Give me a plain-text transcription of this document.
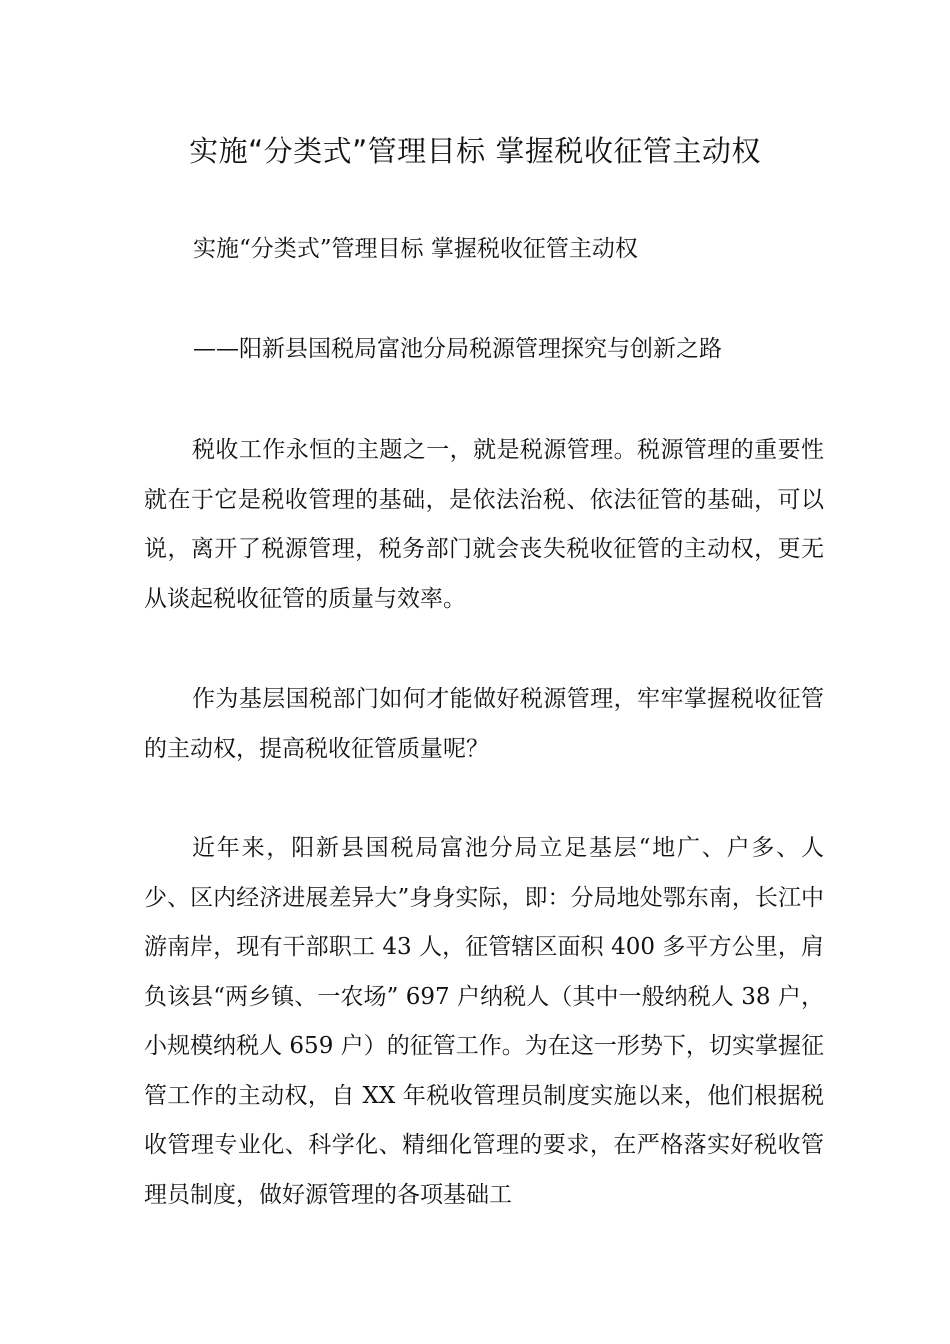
实施“分类式”管理目标 掌握税收征管主动权

实施“分类式”管理目标 掌握税收征管主动权

——阳新县国税局富池分局税源管理探究与创新之路

税收工作永恒的主题之一，就是税源管理。税源管理的重要性就在于它是税收管理的基础，是依法治税、依法征管的基础，可以说，离开了税源管理，税务部门就会丧失税收征管的主动权，更无从谈起税收征管的质量与效率。

作为基层国税部门如何才能做好税源管理，牢牢掌握税收征管的主动权，提高税收征管质量呢？

近年来，阳新县国税局富池分局立足基层“地广、户多、人少、区内经济进展差异大”身身实际，即：分局地处鄂东南，长江中游南岸，现有干部职工 43 人，征管辖区面积 400 多平方公里，肩负该县“两乡镇、一农场” 697 户纳税人（其中一般纳税人 38 户，小规模纳税人 659 户）的征管工作。为在这一形势下，切实掌握征管工作的主动权，自 XX 年税收管理员制度实施以来，他们根据税收管理专业化、科学化、精细化管理的要求，在严格落实好税收管理员制度，做好源管理的各项基础工
